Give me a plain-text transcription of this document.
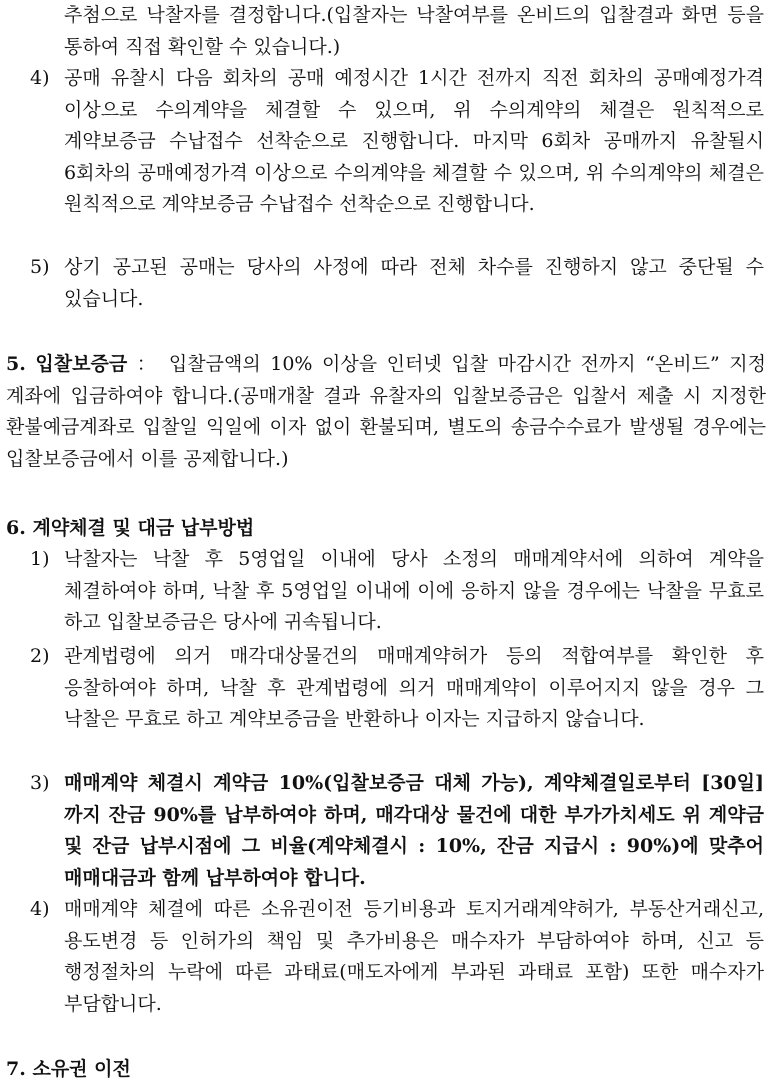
추첨으로 낙찰자를 결정합니다.(입찰자는 낙찰여부를 온비드의 입찰결과 화면 등을 통하여 직접 확인할 수 있습니다.)
4) 공매 유찰시 다음 회차의 공매 예정시간 1시간 전까지 직전 회차의 공매예정가격 이상으로 수의계약을 체결할 수 있으며, 위 수의계약의 체결은 원칙적으로 계약보증금 수납접수 선착순으로 진행합니다. 마지막 6회차 공매까지 유찰될시 6회차의 공매예정가격 이상으로 수의계약을 체결할 수 있으며, 위 수의계약의 체결은 원칙적으로 계약보증금 수납접수 선착순으로 진행합니다.
5) 상기 공고된 공매는 당사의 사정에 따라 전체 차수를 진행하지 않고 중단될 수 있습니다.
5. 입찰보증금 ： 입찰금액의 10% 이상을 인터넷 입찰 마감시간 전까지 “온비드” 지정 계좌에 입금하여야 합니다.(공매개찰 결과 유찰자의 입찰보증금은 입찰서 제출 시 지정한 환불예금계좌로 입찰일 익일에 이자 없이 환불되며, 별도의 송금수수료가 발생될 경우에는 입찰보증금에서 이를 공제합니다.)
6. 계약체결 및 대금 납부방법
1) 낙찰자는 낙찰 후 5영업일 이내에 당사 소정의 매매계약서에 의하여 계약을 체결하여야 하며, 낙찰 후 5영업일 이내에 이에 응하지 않을 경우에는 낙찰을 무효로 하고 입찰보증금은 당사에 귀속됩니다.
2) 관계법령에 의거 매각대상물건의 매매계약허가 등의 적합여부를 확인한 후 응찰하여야 하며, 낙찰 후 관계법령에 의거 매매계약이 이루어지지 않을 경우 그 낙찰은 무효로 하고 계약보증금을 반환하나 이자는 지급하지 않습니다.
3) 매매계약 체결시 계약금 10%(입찰보증금 대체 가능), 계약체결일로부터 [30일]까지 잔금 90%를 납부하여야 하며, 매각대상 물건에 대한 부가가치세도 위 계약금 및 잔금 납부시점에 그 비율(계약체결시 : 10%, 잔금 지급시 : 90%)에 맞추어 매매대금과 함께 납부하여야 합니다.
4) 매매계약 체결에 따른 소유권이전 등기비용과 토지거래계약허가, 부동산거래신고, 용도변경 등 인허가의 책임 및 추가비용은 매수자가 부담하여야 하며, 신고 등 행정절차의 누락에 따른 과태료(매도자에게 부과된 과태료 포함) 또한 매수자가 부담합니다.
7. 소유권 이전
